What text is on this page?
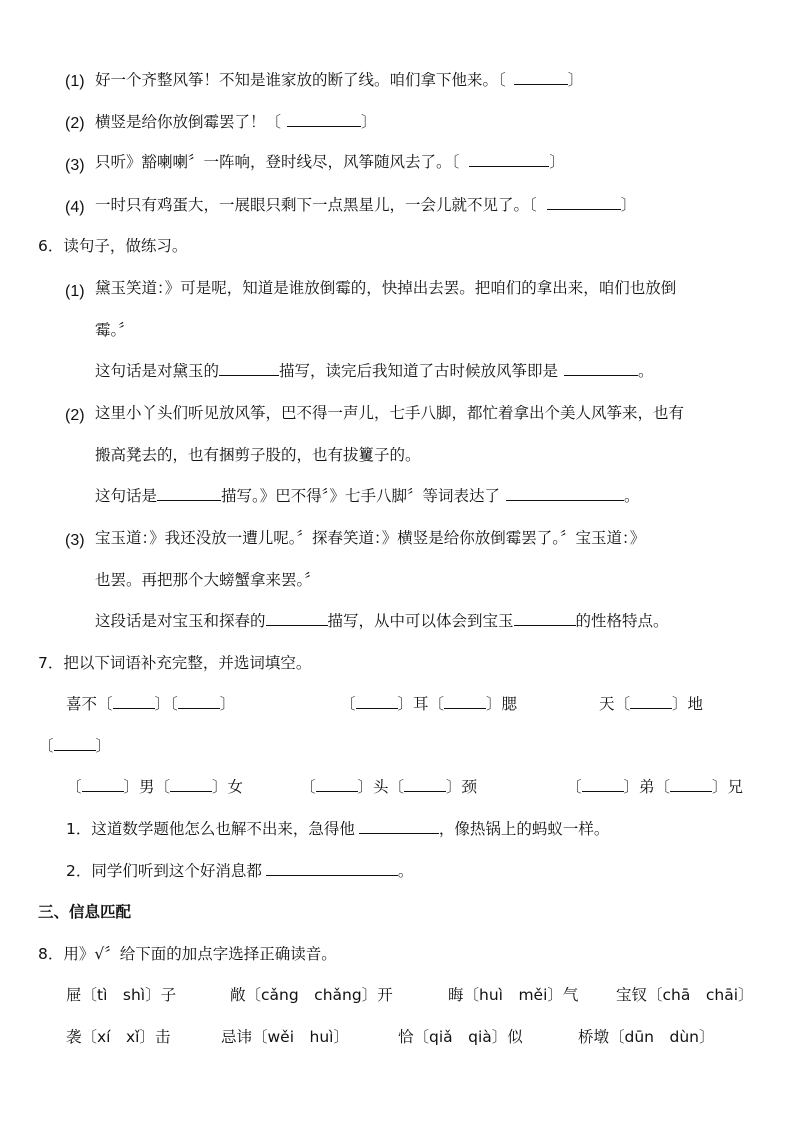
(1) 好一个齐整风筝！不知是谁家放的断了线。咱们拿下他来。〔	〕
(2) 横竖是给你放倒霉罢了！〔	〕
(3) 只听》豁喇喇〞一阵响，登时线尽，风筝随风去了。〔	〕
(4) 一时只有鸡蛋大，一展眼只剩下一点黑星儿，一会儿就不见了。〔	〕
6．读句子，做练习。
(1) 黛玉笑道：》可是呢，知道是谁放倒霉的，快掉出去罢。把咱们的拿出来，咱们也放倒
霉。〞
这句话是对黛玉的	描写，读完后我知道了古时候放风筝即是	。
(2) 这里小丫头们听见放风筝，巴不得一声儿，七手八脚，都忙着拿出个美人风筝来，也有
搬高凳去的，也有捆剪子股的，也有拔籰子的。
这句话是	描写。》巴不得〞》七手八脚〞等词表达了	。
(3) 宝玉道：》我还没放一遭儿呢。〞探春笑道：》横竖是给你放倒霉罢了。〞宝玉道：》
也罢。再把那个大螃蟹拿来罢。〞
这段话是对宝玉和探春的	描写，从中可以体会到宝玉	的性格特点。
7．把以下词语补充完整，并选词填空。
喜不〔	〕〔	〕	〔	〕耳〔	〕腮	天〔	〕地
〔	〕
〔	〕男〔	〕女	〔	〕头〔	〕颈	〔	〕弟〔	〕兄
1．这道数学题他怎么也解不出来，急得他	，像热锅上的蚂蚁一样。
2．同学们听到这个好消息都	。
三、信息匹配
8．用》√〞给下面的加点字选择正确读音。
屉〔tì　shì〕子	敞〔cǎng　chǎng〕开	晦〔huì　měi〕气 宝钗〔chā　chāi〕
袭〔xí　xǐ〕击	忌讳〔wěi　huì〕	恰〔qiǎ　qià〕似	桥墩〔dūn　dùn〕
